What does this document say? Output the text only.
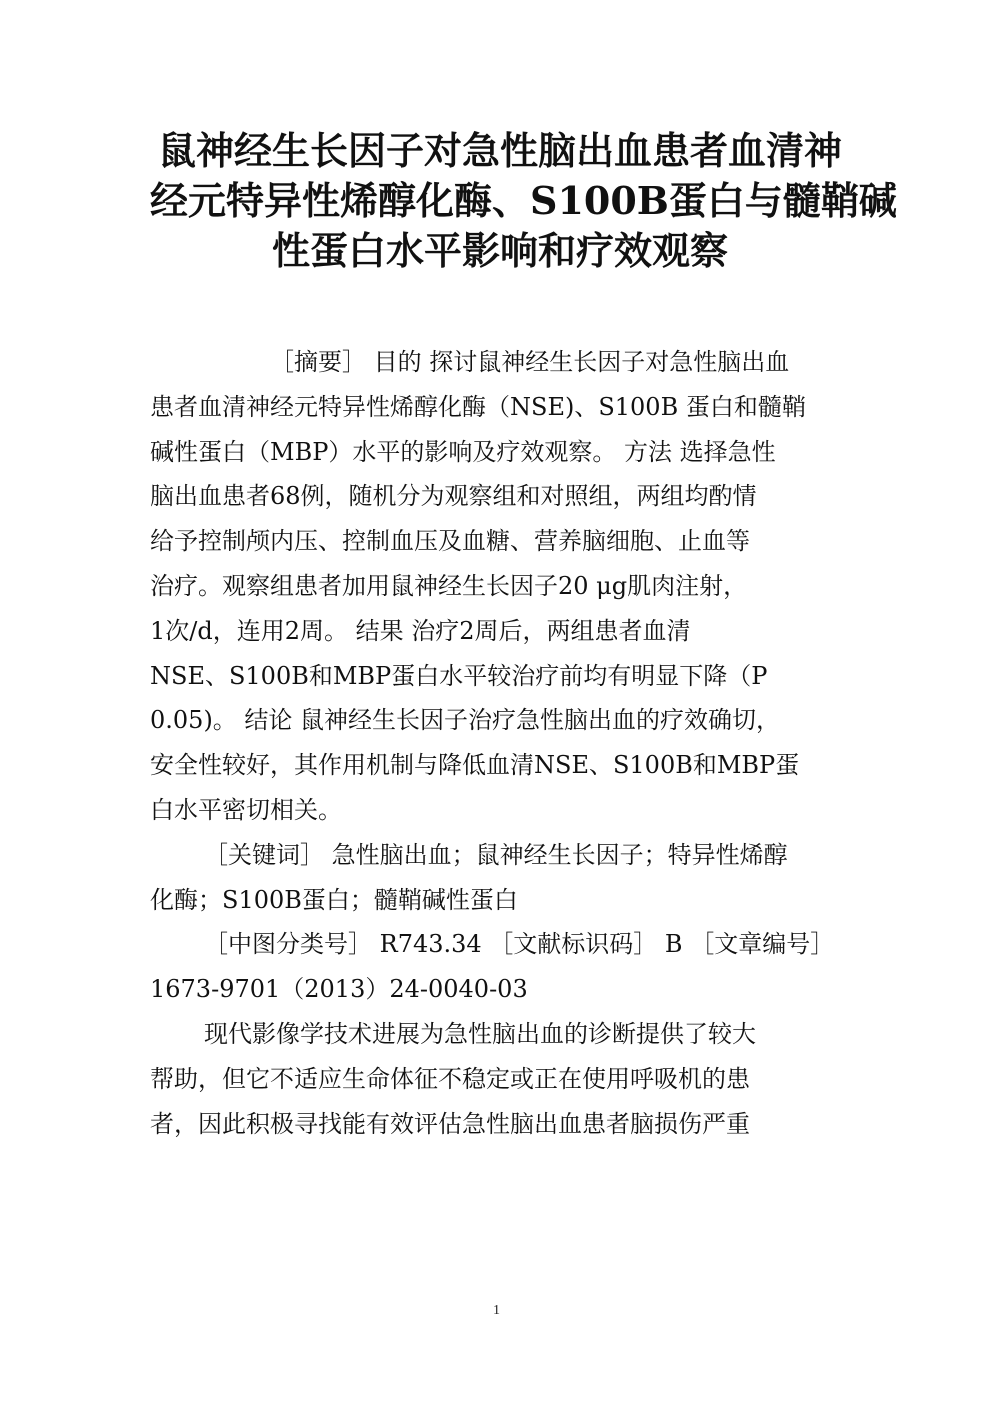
鼠神经生长因子对急性脑出血患者血清神
经元特异性烯醇化酶、S100B蛋白与髓鞘碱
性蛋白水平影响和疗效观察
［摘要］ 目的 探讨鼠神经生长因子对急性脑出血
患者血清神经元特异性烯醇化酶（NSE)、S100B 蛋白和髓鞘
碱性蛋白（MBP）水平的影响及疗效观察。 方法 选择急性
脑出血患者68例，随机分为观察组和对照组，两组均酌情
给予控制颅内压、控制血压及血糖、营养脑细胞、止血等
治疗。观察组患者加用鼠神经生长因子20 μg肌肉注射，
1次/d，连用2周。 结果 治疗2周后，两组患者血清
NSE、S100B和MBP蛋白水平较治疗前均有明显下降（P
0.05)。 结论 鼠神经生长因子治疗急性脑出血的疗效确切，
安全性较好，其作用机制与降低血清NSE、S100B和MBP蛋
白水平密切相关。
［关键词］ 急性脑出血；鼠神经生长因子；特异性烯醇
化酶；S100B蛋白；髓鞘碱性蛋白
［中图分类号］ R743.34 ［文献标识码］ B ［文章编号］
1673-9701（2013）24-0040-03
现代影像学技术进展为急性脑出血的诊断提供了较大
帮助，但它不适应生命体征不稳定或正在使用呼吸机的患
者，因此积极寻找能有效评估急性脑出血患者脑损伤严重
1
